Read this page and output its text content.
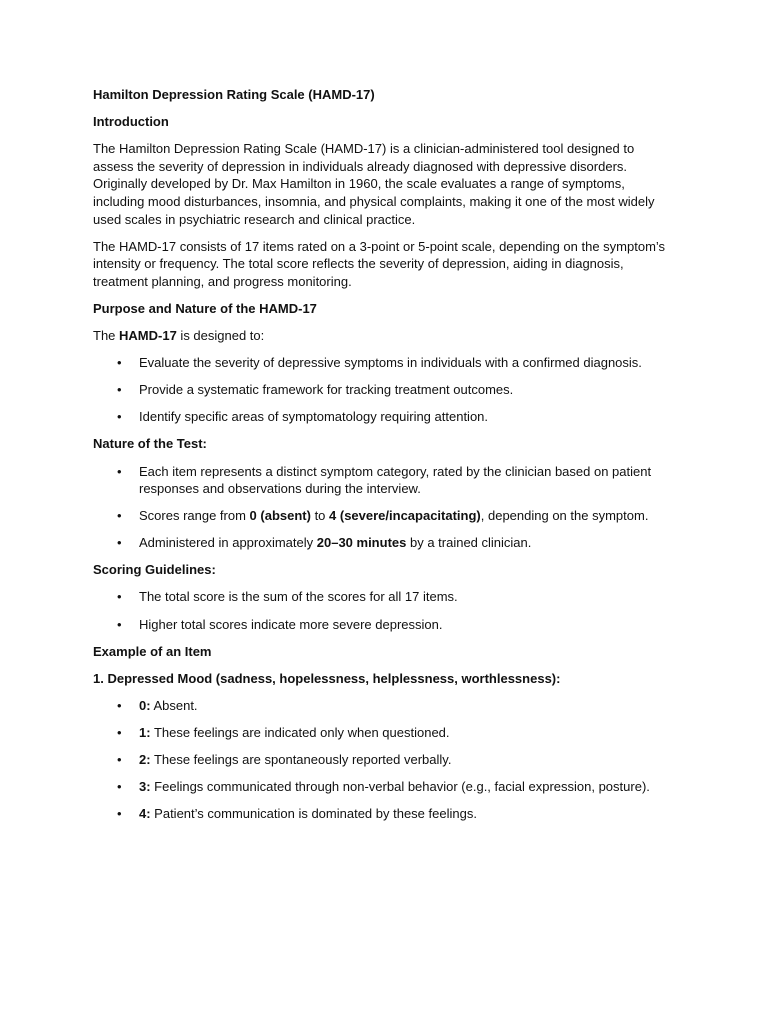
Hamilton Depression Rating Scale (HAMD-17)

Introduction

The Hamilton Depression Rating Scale (HAMD-17) is a clinician-administered tool designed to assess the severity of depression in individuals already diagnosed with depressive disorders. Originally developed by Dr. Max Hamilton in 1960, the scale evaluates a range of symptoms, including mood disturbances, insomnia, and physical complaints, making it one of the most widely used scales in psychiatric research and clinical practice.

The HAMD-17 consists of 17 items rated on a 3-point or 5-point scale, depending on the symptom’s intensity or frequency. The total score reflects the severity of depression, aiding in diagnosis, treatment planning, and progress monitoring.

Purpose and Nature of the HAMD-17

The HAMD-17 is designed to:

• Evaluate the severity of depressive symptoms in individuals with a confirmed diagnosis.
• Provide a systematic framework for tracking treatment outcomes.
• Identify specific areas of symptomatology requiring attention.

Nature of the Test:

• Each item represents a distinct symptom category, rated by the clinician based on patient responses and observations during the interview.
• Scores range from 0 (absent) to 4 (severe/incapacitating), depending on the symptom.
• Administered in approximately 20–30 minutes by a trained clinician.

Scoring Guidelines:

• The total score is the sum of the scores for all 17 items.
• Higher total scores indicate more severe depression.

Example of an Item

1. Depressed Mood (sadness, hopelessness, helplessness, worthlessness):

• 0: Absent.
• 1: These feelings are indicated only when questioned.
• 2: These feelings are spontaneously reported verbally.
• 3: Feelings communicated through non-verbal behavior (e.g., facial expression, posture).
• 4: Patient’s communication is dominated by these feelings.
